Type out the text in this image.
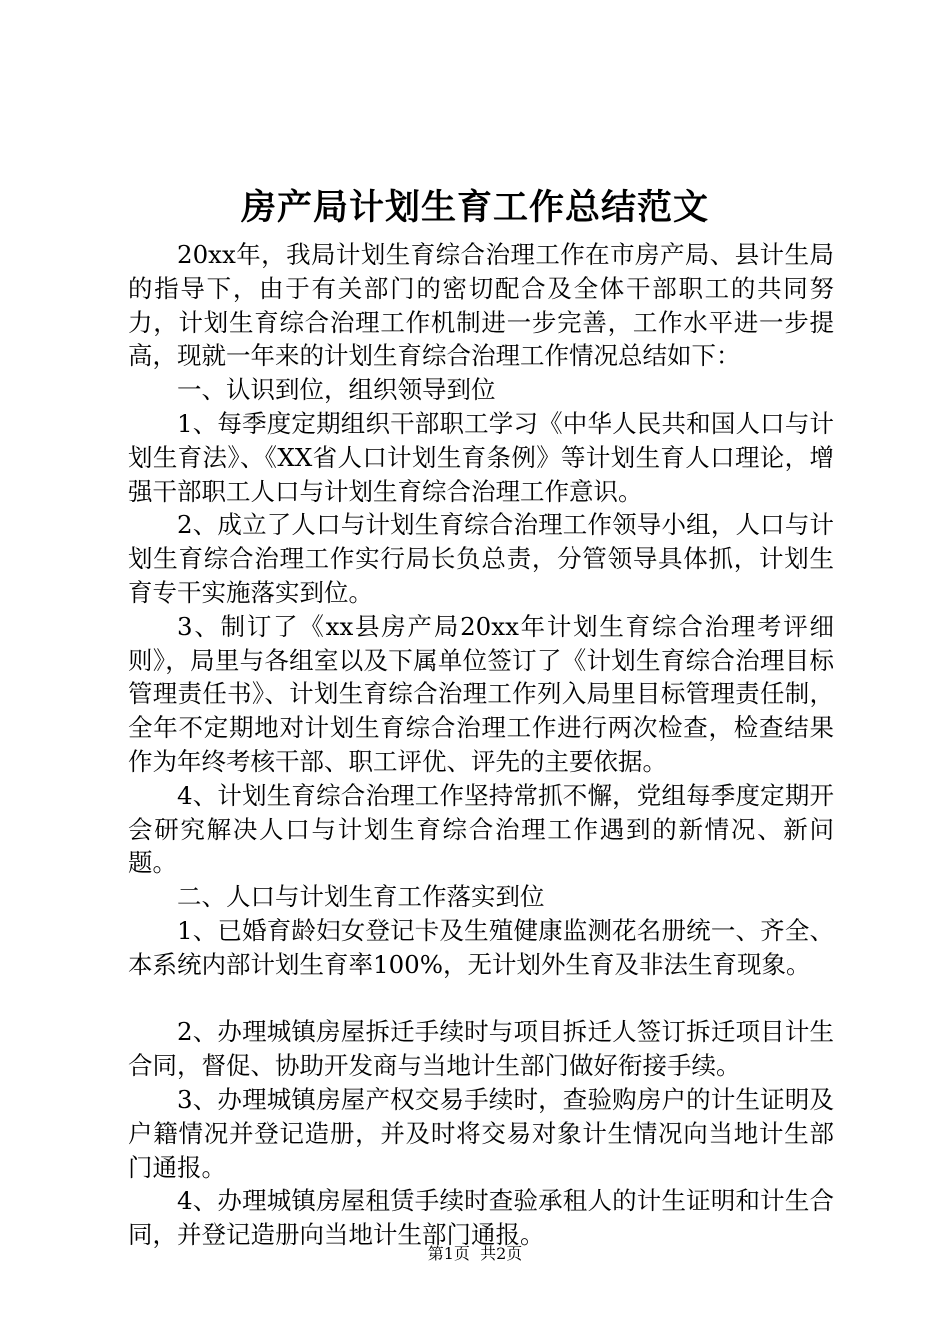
房产局计划生育工作总结范文

20xx年，我局计划生育综合治理工作在市房产局、县计生局的指导下，由于有关部门的密切配合及全体干部职工的共同努力，计划生育综合治理工作机制进一步完善，工作水平进一步提高，现就一年来的计划生育综合治理工作情况总结如下：

一、认识到位，组织领导到位

1、每季度定期组织干部职工学习《中华人民共和国人口与计划生育法》、《XX省人口计划生育条例》等计划生育人口理论，增强干部职工人口与计划生育综合治理工作意识。

2、成立了人口与计划生育综合治理工作领导小组，人口与计划生育综合治理工作实行局长负总责，分管领导具体抓，计划生育专干实施落实到位。

3、制订了《xx县房产局20xx年计划生育综合治理考评细则》，局里与各组室以及下属单位签订了《计划生育综合治理目标管理责任书》、计划生育综合治理工作列入局里目标管理责任制，全年不定期地对计划生育综合治理工作进行两次检查，检查结果作为年终考核干部、职工评优、评先的主要依据。

4、计划生育综合治理工作坚持常抓不懈，党组每季度定期开会研究解决人口与计划生育综合治理工作遇到的新情况、新问题。

二、人口与计划生育工作落实到位

1、已婚育龄妇女登记卡及生殖健康监测花名册统一、齐全、本系统内部计划生育率100%，无计划外生育及非法生育现象。

2、办理城镇房屋拆迁手续时与项目拆迁人签订拆迁项目计生合同，督促、协助开发商与当地计生部门做好衔接手续。

3、办理城镇房屋产权交易手续时，查验购房户的计生证明及户籍情况并登记造册，并及时将交易对象计生情况向当地计生部门通报。

4、办理城镇房屋租赁手续时查验承租人的计生证明和计生合同，并登记造册向当地计生部门通报。

第1页 共2页
